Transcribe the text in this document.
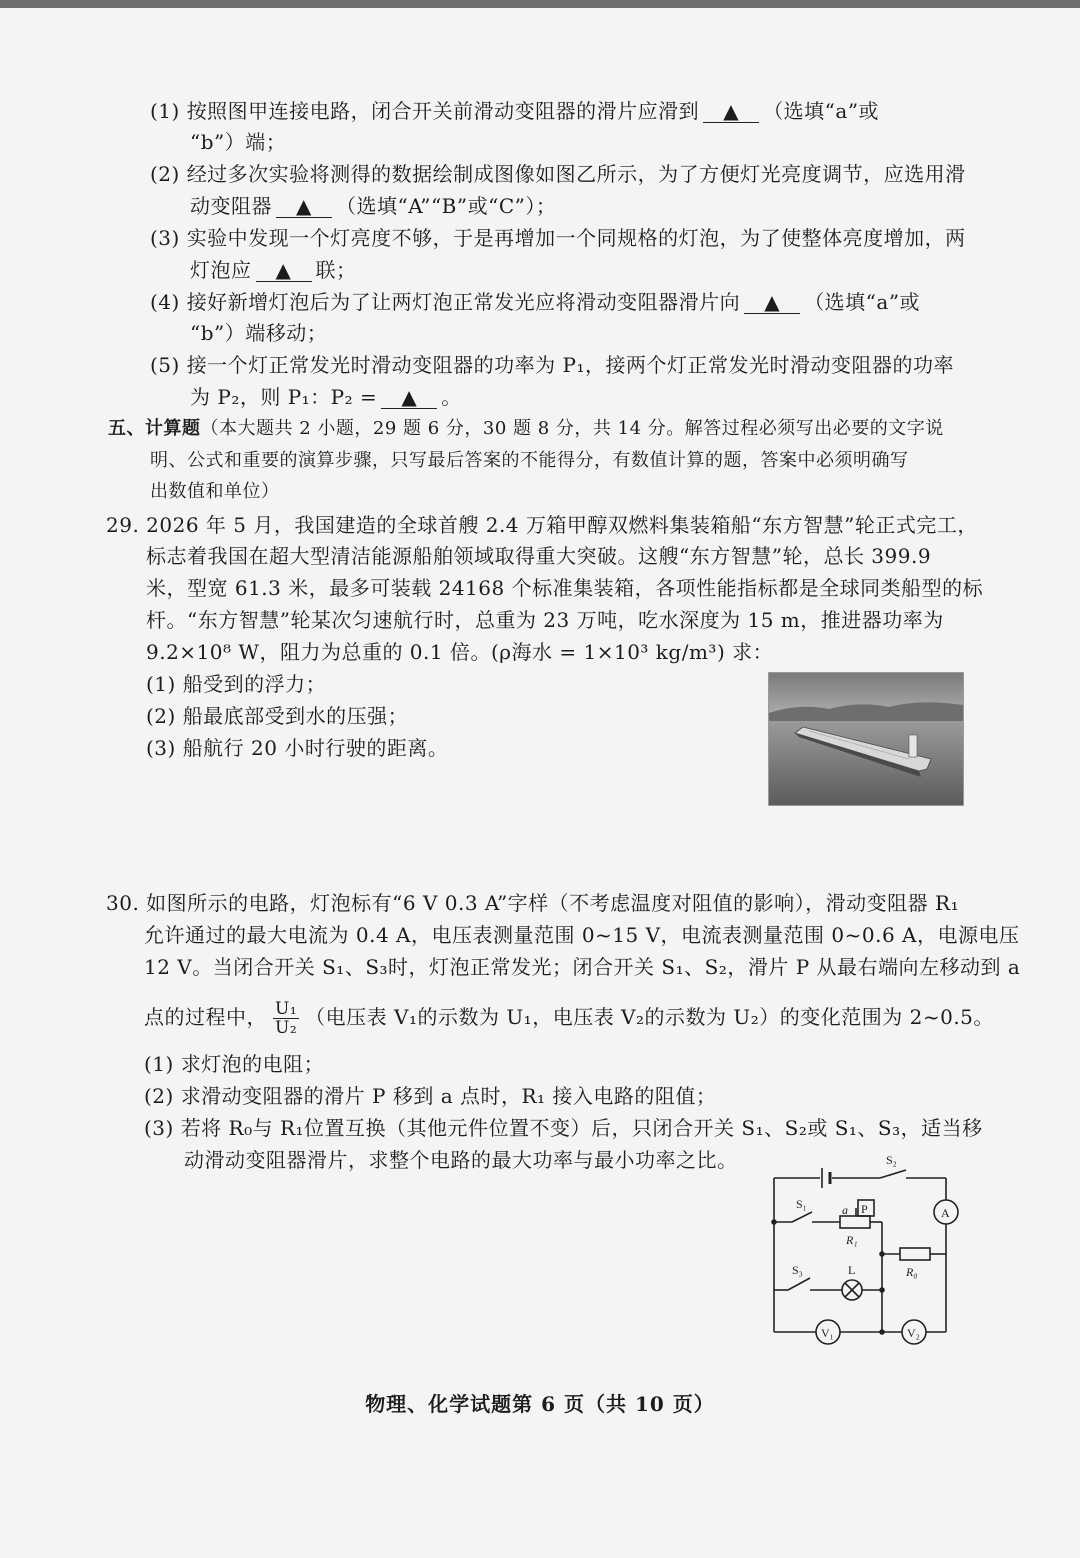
(1) 按照图甲连接电路，闭合开关前滑动变阻器的滑片应滑到 ▲ （选填“a”或
“b”）端；
(2) 经过多次实验将测得的数据绘制成图像如图乙所示，为了方便灯光亮度调节，应选用滑
动变阻器 ▲ （选填“A”“B”或“C”）；
(3) 实验中发现一个灯亮度不够，于是再增加一个同规格的灯泡，为了使整体亮度增加，两
灯泡应 ▲ 联；
(4) 接好新增灯泡后为了让两灯泡正常发光应将滑动变阻器滑片向 ▲ （选填“a”或
“b”）端移动；
(5) 接一个灯正常发光时滑动变阻器的功率为 P₁，接两个灯正常发光时滑动变阻器的功率
为 P₂，则 P₁：P₂ = ▲ 。
五、计算题（本大题共 2 小题，29 题 6 分，30 题 8 分，共 14 分。解答过程必须写出必要的文字说
明、公式和重要的演算步骤，只写最后答案的不能得分，有数值计算的题，答案中必须明确写
出数值和单位）
29. 2026 年 5 月，我国建造的全球首艘 2.4 万箱甲醇双燃料集装箱船“东方智慧”轮正式完工，
标志着我国在超大型清洁能源船舶领域取得重大突破。这艘“东方智慧”轮，总长 399.9
米，型宽 61.3 米，最多可装载 24168 个标准集装箱，各项性能指标都是全球同类船型的标
杆。“东方智慧”轮某次匀速航行时，总重为 23 万吨，吃水深度为 15 m，推进器功率为
9.2×10⁸ W，阻力为总重的 0.1 倍。(ρ海水 = 1×10³ kg/m³) 求：
(1) 船受到的浮力；
(2) 船最底部受到水的压强；
(3) 船航行 20 小时行驶的距离。
30. 如图所示的电路，灯泡标有“6 V 0.3 A”字样（不考虑温度对阻值的影响），滑动变阻器 R₁
允许通过的最大电流为 0.4 A，电压表测量范围 0~15 V，电流表测量范围 0~0.6 A，电源电压
12 V。当闭合开关 S₁、S₃时，灯泡正常发光；闭合开关 S₁、S₂，滑片 P 从最右端向左移动到 a
点的过程中， $\frac{\text{U₁}}{\text{U₂}}$ （电压表 V₁的示数为 U₁，电压表 V₂的示数为 U₂）的变化范围为 2~0.5。
(1) 求灯泡的电阻；
(2) 求滑动变阻器的滑片 P 移到 a 点时，R₁ 接入电路的阻值；
(3) 若将 R₀与 R₁位置互换（其他元件位置不变）后，只闭合开关 S₁、S₂或 S₁、S₃，适当移
动滑动变阻器滑片，求整个电路的最大功率与最小功率之比。	S₂
S₁	a P
R₁
S₃	L	R₀
A
V₁	V₂
物理、化学试题第 6 页（共 10 页）
